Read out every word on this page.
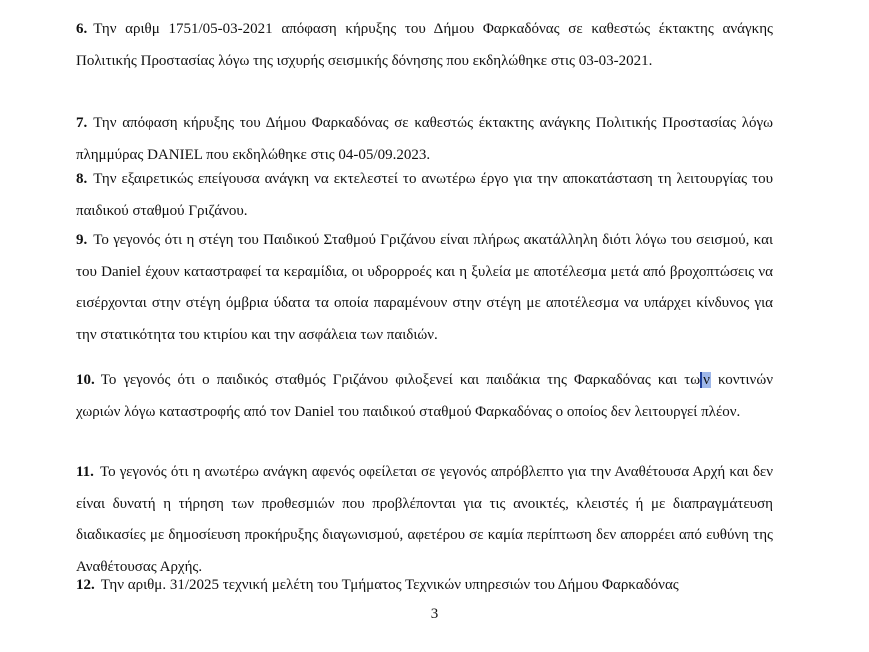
6. Την αριθμ 1751/05-03-2021 απόφαση κήρυξης του Δήμου Φαρκαδόνας σε καθεστώς έκτακτης ανάγκης Πολιτικής Προστασίας λόγω της ισχυρής σεισμικής δόνησης που εκδηλώθηκε στις 03-03-2021.

7. Την απόφαση κήρυξης του Δήμου Φαρκαδόνας σε καθεστώς έκτακτης ανάγκης Πολιτικής Προστασίας λόγω πλημμύρας DANIEL που εκδηλώθηκε στις 04-05/09.2023.

8. Την εξαιρετικώς επείγουσα ανάγκη να εκτελεστεί το ανωτέρω έργο για την αποκατάσταση τη λειτουργίας του παιδικού σταθμού Γριζάνου.

9. Το γεγονός ότι η στέγη του Παιδικού Σταθμού Γριζάνου είναι πλήρως ακατάλληλη διότι λόγω του σεισμού, και του Daniel έχουν καταστραφεί τα κεραμίδια, οι υδρορροές και η ξυλεία με αποτέλεσμα μετά από βροχοπτώσεις να εισέρχονται στην στέγη όμβρια ύδατα τα οποία παραμένουν στην στέγη με αποτέλεσμα να υπάρχει κίνδυνος για την στατικότητα του κτιρίου και την ασφάλεια των παιδιών.

10. Το γεγονός ότι ο παιδικός σταθμός Γριζάνου φιλοξενεί και παιδάκια της Φαρκαδόνας και τω ν κοντινών χωριών λόγω καταστροφής από τον Daniel του παιδικού σταθμού Φαρκαδόνας ο οποίος δεν λειτουργεί πλέον.

11. Το γεγονός ότι η ανωτέρω ανάγκη αφενός οφείλεται σε γεγονός απρόβλεπτο για την Αναθέτουσα Αρχή και δεν είναι δυνατή η τήρηση των προθεσμιών που προβλέπονται για τις ανοικτές, κλειστές ή με διαπραγμάτευση διαδικασίες με δημοσίευση προκήρυξης διαγωνισμού, αφετέρου σε καμία περίπτωση δεν απορρέει από ευθύνη της Αναθέτουσας Αρχής.

12. Την αριθμ. 31/2025 τεχνική μελέτη του Τμήματος Τεχνικών υπηρεσιών του Δήμου Φαρκαδόνας

3
